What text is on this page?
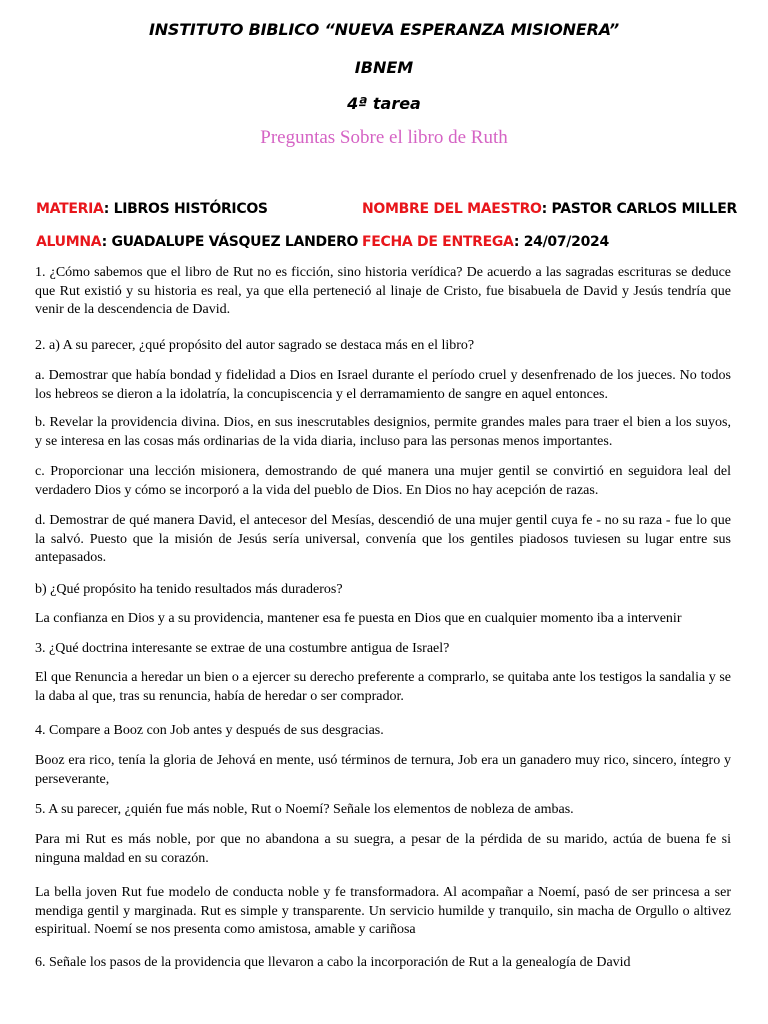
INSTITUTO BIBLICO “NUEVA ESPERANZA MISIONERA”
IBNEM
4ª tarea
Preguntas Sobre el libro de Ruth
MATERIA: LIBROS HISTÓRICOS	NOMBRE DEL MAESTRO: PASTOR CARLOS MILLER
ALUMNA: GUADALUPE VÁSQUEZ LANDERO FECHA DE ENTREGA: 24/07/2024

1. ¿Cómo sabemos que el libro de Rut no es ficción, sino historia verídica? De acuerdo a las sagradas escrituras se deduce que Rut existió y su historia es real, ya que ella perteneció al linaje de Cristo, fue bisabuela de David y Jesús tendría que venir de la descendencia de David.

2. a) A su parecer, ¿qué propósito del autor sagrado se destaca más en el libro?

a. Demostrar que había bondad y fidelidad a Dios en Israel durante el período cruel y desenfrenado de los jueces. No todos los hebreos se dieron a la idolatría, la concupiscencia y el derramamiento de sangre en aquel entonces.

b. Revelar la providencia divina. Dios, en sus inescrutables designios, permite grandes males para traer el bien a los suyos, y se interesa en las cosas más ordinarias de la vida diaria, incluso para las personas menos importantes.

c. Proporcionar una lección misionera, demostrando de qué manera una mujer gentil se convirtió en seguidora leal del verdadero Dios y cómo se incorporó a la vida del pueblo de Dios. En Dios no hay acepción de razas.

d. Demostrar de qué manera David, el antecesor del Mesías, descendió de una mujer gentil cuya fe - no su raza - fue lo que la salvó. Puesto que la misión de Jesús sería universal, convenía que los gentiles piadosos tuviesen su lugar entre sus antepasados.

b) ¿Qué propósito ha tenido resultados más duraderos?

La confianza en Dios y a su providencia, mantener esa fe puesta en Dios que en cualquier momento iba a intervenir

3. ¿Qué doctrina interesante se extrae de una costumbre antigua de Israel?

El que Renuncia a heredar un bien o a ejercer su derecho preferente a comprarlo, se quitaba ante los testigos la sandalia y se la daba al que, tras su renuncia, había de heredar o ser comprador.

4. Compare a Booz con Job antes y después de sus desgracias.

Booz era rico, tenía la gloria de Jehová en mente, usó términos de ternura, Job era un ganadero muy rico, sincero, íntegro y perseverante,

5. A su parecer, ¿quién fue más noble, Rut o Noemí? Señale los elementos de nobleza de ambas.

Para mi Rut es más noble, por que no abandona a su suegra, a pesar de la pérdida de su marido, actúa de buena fe si ninguna maldad en su corazón.

La bella joven Rut fue modelo de conducta noble y fe transformadora. Al acompañar a Noemí, pasó de ser princesa a ser mendiga gentil y marginada. Rut es simple y transparente. Un servicio humilde y tranquilo, sin macha de Orgullo o altivez espiritual. Noemí se nos presenta como amistosa, amable y cariñosa

6. Señale los pasos de la providencia que llevaron a cabo la incorporación de Rut a la genealogía de David
